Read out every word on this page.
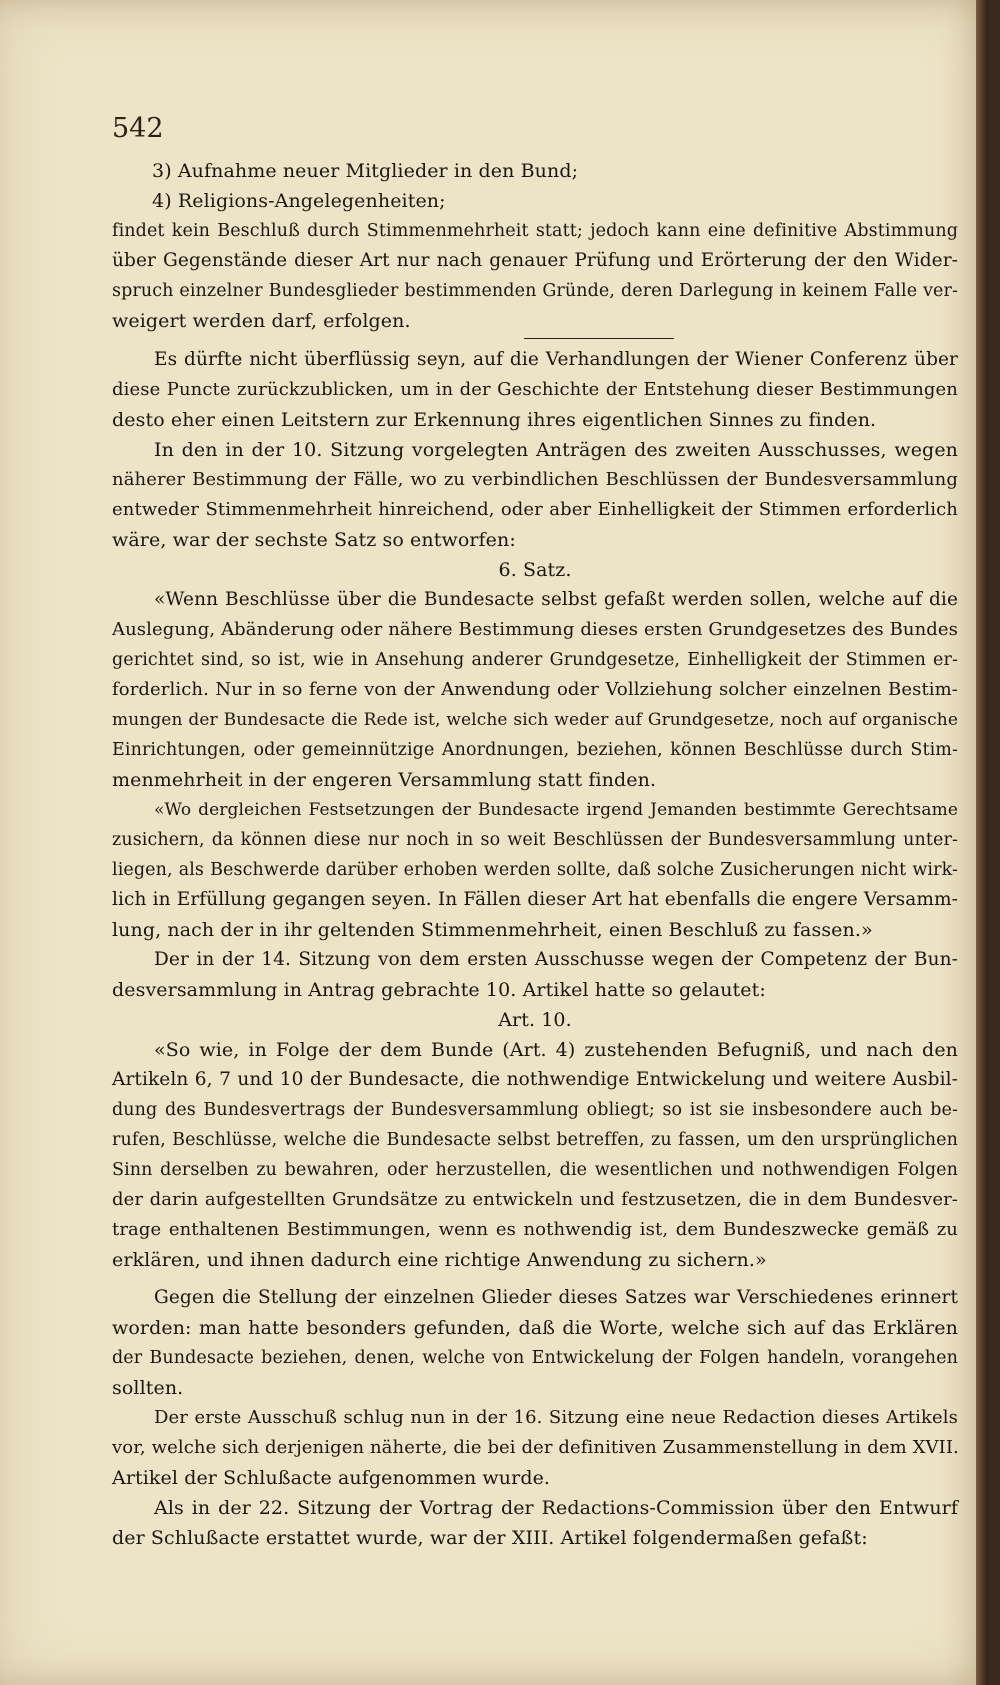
542
3) Aufnahme neuer Mitglieder in den Bund;
4) Religions-Angelegenheiten;
findet kein Beschluß durch Stimmenmehrheit statt; jedoch kann eine definitive Abstimmung
über Gegenstände dieser Art nur nach genauer Prüfung und Erörterung der den Wider-
spruch einzelner Bundesglieder bestimmenden Gründe, deren Darlegung in keinem Falle ver-
weigert werden darf, erfolgen.
Es dürfte nicht überflüssig seyn, auf die Verhandlungen der Wiener Conferenz über
diese Puncte zurückzublicken, um in der Geschichte der Entstehung dieser Bestimmungen
desto eher einen Leitstern zur Erkennung ihres eigentlichen Sinnes zu finden.
In den in der 10. Sitzung vorgelegten Anträgen des zweiten Ausschusses, wegen
näherer Bestimmung der Fälle, wo zu verbindlichen Beschlüssen der Bundesversammlung
entweder Stimmenmehrheit hinreichend, oder aber Einhelligkeit der Stimmen erforderlich
wäre, war der sechste Satz so entworfen:
6. Satz.
«Wenn Beschlüsse über die Bundesacte selbst gefaßt werden sollen, welche auf die
Auslegung, Abänderung oder nähere Bestimmung dieses ersten Grundgesetzes des Bundes
gerichtet sind, so ist, wie in Ansehung anderer Grundgesetze, Einhelligkeit der Stimmen er-
forderlich. Nur in so ferne von der Anwendung oder Vollziehung solcher einzelnen Bestim-
mungen der Bundesacte die Rede ist, welche sich weder auf Grundgesetze, noch auf organische
Einrichtungen, oder gemeinnützige Anordnungen, beziehen, können Beschlüsse durch Stim-
menmehrheit in der engeren Versammlung statt finden.
«Wo dergleichen Festsetzungen der Bundesacte irgend Jemanden bestimmte Gerechtsame
zusichern, da können diese nur noch in so weit Beschlüssen der Bundesversammlung unter-
liegen, als Beschwerde darüber erhoben werden sollte, daß solche Zusicherungen nicht wirk-
lich in Erfüllung gegangen seyen. In Fällen dieser Art hat ebenfalls die engere Versamm-
lung, nach der in ihr geltenden Stimmenmehrheit, einen Beschluß zu fassen.»
Der in der 14. Sitzung von dem ersten Ausschusse wegen der Competenz der Bun-
desversammlung in Antrag gebrachte 10. Artikel hatte so gelautet:
Art. 10.
«So wie, in Folge der dem Bunde (Art. 4) zustehenden Befugniß, und nach den
Artikeln 6, 7 und 10 der Bundesacte, die nothwendige Entwickelung und weitere Ausbil-
dung des Bundesvertrags der Bundesversammlung obliegt; so ist sie insbesondere auch be-
rufen, Beschlüsse, welche die Bundesacte selbst betreffen, zu fassen, um den ursprünglichen
Sinn derselben zu bewahren, oder herzustellen, die wesentlichen und nothwendigen Folgen
der darin aufgestellten Grundsätze zu entwickeln und festzusetzen, die in dem Bundesver-
trage enthaltenen Bestimmungen, wenn es nothwendig ist, dem Bundeszwecke gemäß zu
erklären, und ihnen dadurch eine richtige Anwendung zu sichern.»
Gegen die Stellung der einzelnen Glieder dieses Satzes war Verschiedenes erinnert
worden: man hatte besonders gefunden, daß die Worte, welche sich auf das Erklären
der Bundesacte beziehen, denen, welche von Entwickelung der Folgen handeln, vorangehen
sollten.
Der erste Ausschuß schlug nun in der 16. Sitzung eine neue Redaction dieses Artikels
vor, welche sich derjenigen näherte, die bei der definitiven Zusammenstellung in dem XVII.
Artikel der Schlußacte aufgenommen wurde.
Als in der 22. Sitzung der Vortrag der Redactions-Commission über den Entwurf
der Schlußacte erstattet wurde, war der XIII. Artikel folgendermaßen gefaßt:
